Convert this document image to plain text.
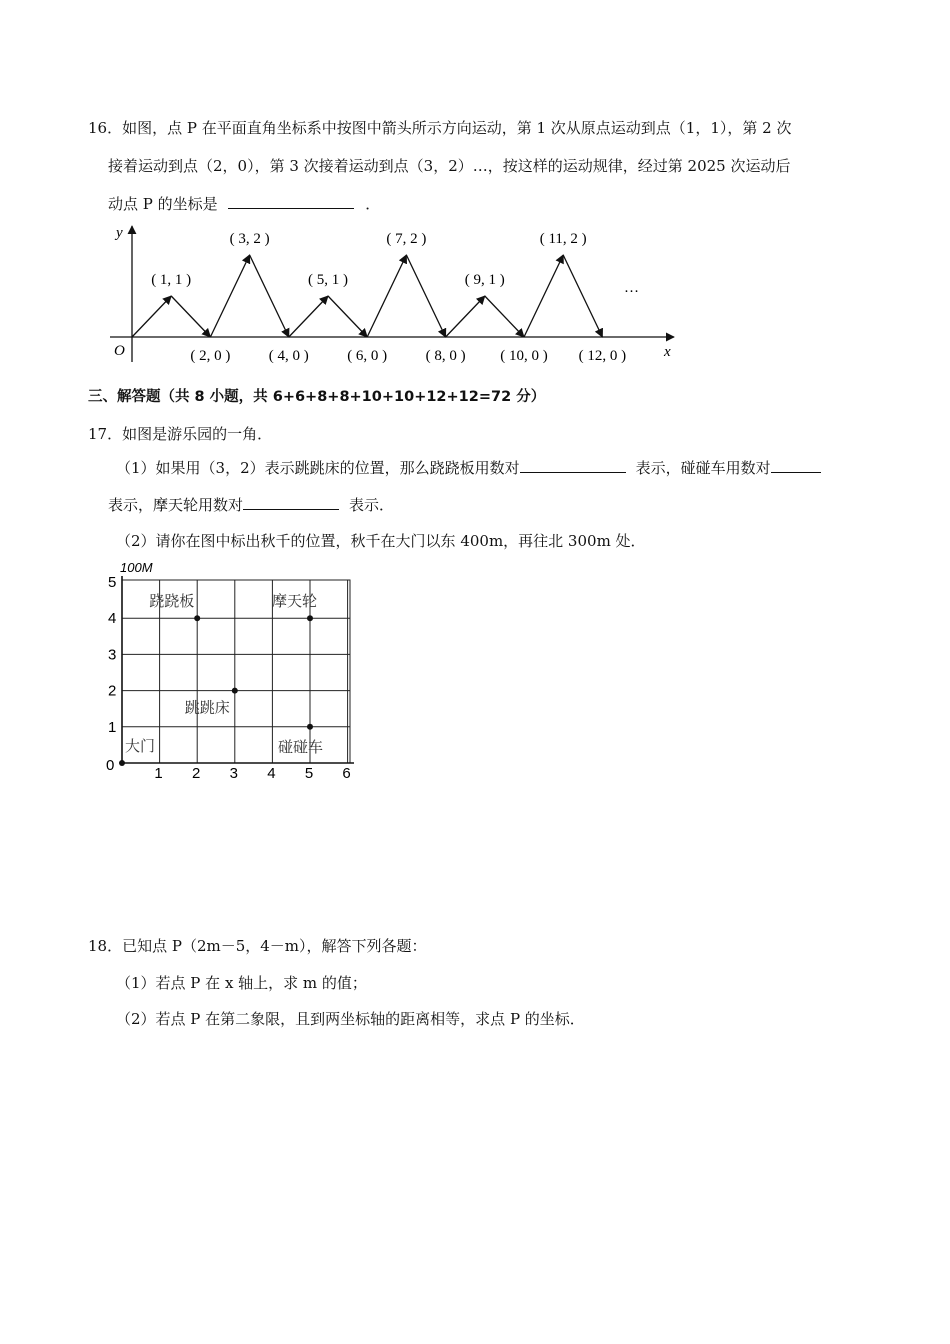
16．如图，点 P 在平面直角坐标系中按图中箭头所示方向运动，第 1 次从原点运动到点（1，1），第 2 次
接着运动到点（2，0），第 3 次接着运动到点（3，2）…，按这样的运动规律，经过第 2025 次运动后
动点 P 的坐标是	．
y
x
O
…
( 1, 1 )
( 2, 0 )
( 3, 2 )
( 4, 0 )
( 5, 1 )
( 6, 0 )
( 7, 2 )
( 8, 0 )
( 9, 1 )
( 10, 0 )
( 11, 2 )
( 12, 0 )
三、解答题（共 8 小题，共 6+6+8+8+10+10+12+12=72 分）
17．如图是游乐园的一角．
（1）如果用（3，2）表示跳跳床的位置，那么跷跷板用数对	表示，碰碰车用数对
表示，摩天轮用数对	表示．
（2）请你在图中标出秋千的位置，秋千在大门以东 400m，再往北 300m 处．
100M
0	1 2 3 4 5 6
1
2
3
4
5
跷跷板	摩天轮
跳跳床
碰碰车
大门
18．已知点 P（2m－5，4－m），解答下列各题：
（1）若点 P 在 x 轴上，求 m 的值；
（2）若点 P 在第二象限，且到两坐标轴的距离相等，求点 P 的坐标．
